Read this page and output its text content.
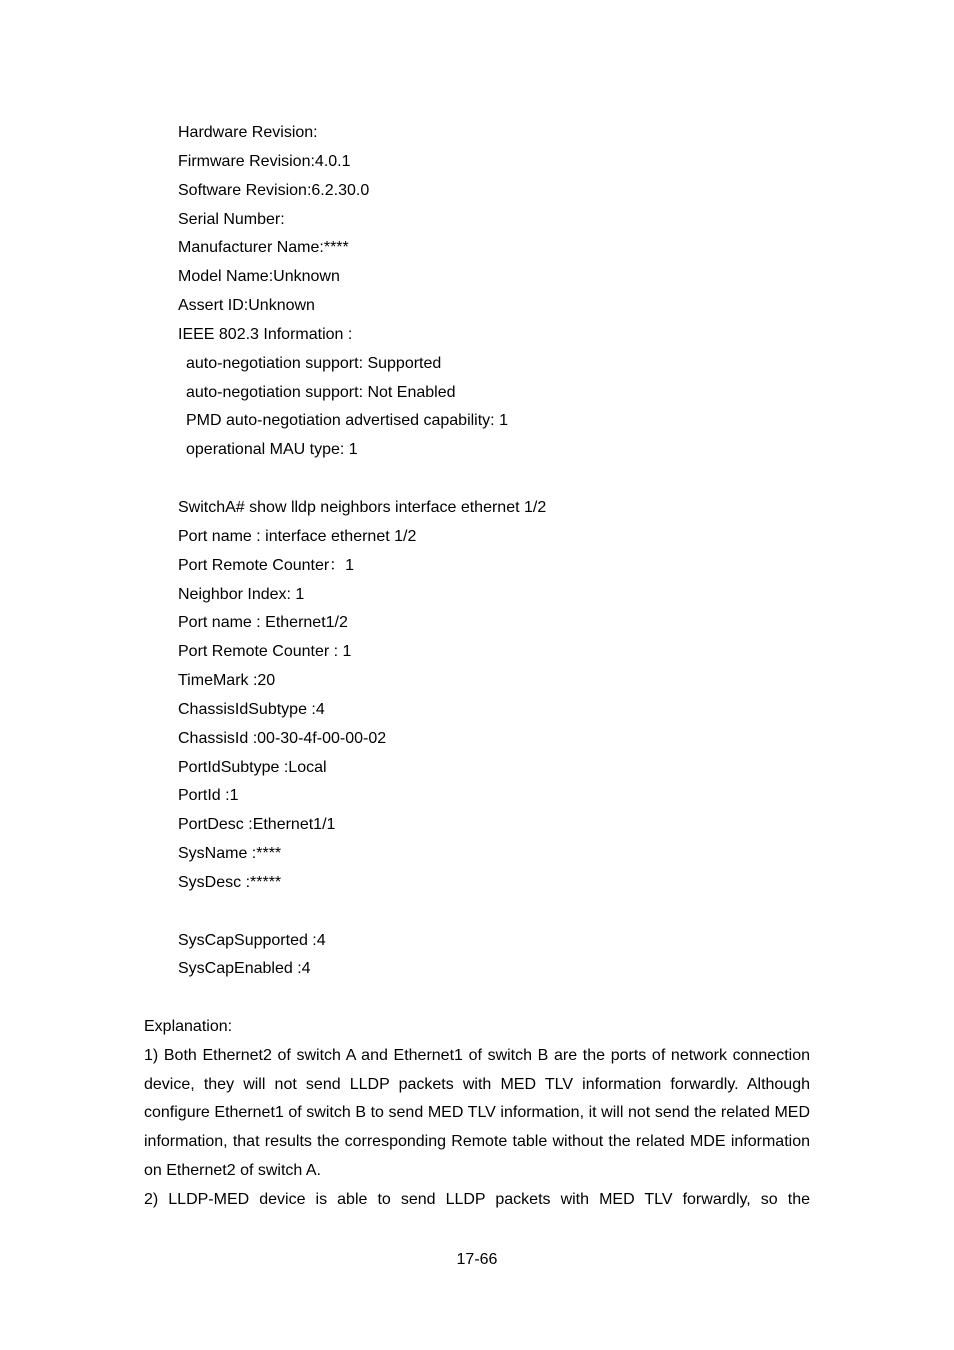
Hardware Revision:
Firmware Revision:4.0.1
Software Revision:6.2.30.0
Serial Number:
Manufacturer Name:****
Model Name:Unknown
Assert ID:Unknown
IEEE 802.3 Information :
auto-negotiation support: Supported
auto-negotiation support: Not Enabled
PMD auto-negotiation advertised capability: 1
operational MAU type: 1
SwitchA# show lldp neighbors interface ethernet 1/2
Port name : interface ethernet 1/2
Port Remote Counter：1
Neighbor Index: 1
Port name : Ethernet1/2
Port Remote Counter : 1
TimeMark :20
ChassisIdSubtype :4
ChassisId :00-30-4f-00-00-02
PortIdSubtype :Local
PortId :1
PortDesc :Ethernet1/1
SysName :****
SysDesc :*****
SysCapSupported :4
SysCapEnabled :4

Explanation:

1) Both Ethernet2 of switch A and Ethernet1 of switch B are the ports of network connection device, they will not send LLDP packets with MED TLV information forwardly. Although configure Ethernet1 of switch B to send MED TLV information, it will not send the related MED information, that results the corresponding Remote table without the related MDE information on Ethernet2 of switch A.

2) LLDP-MED device is able to send LLDP packets with MED TLV forwardly, so the

17-66
